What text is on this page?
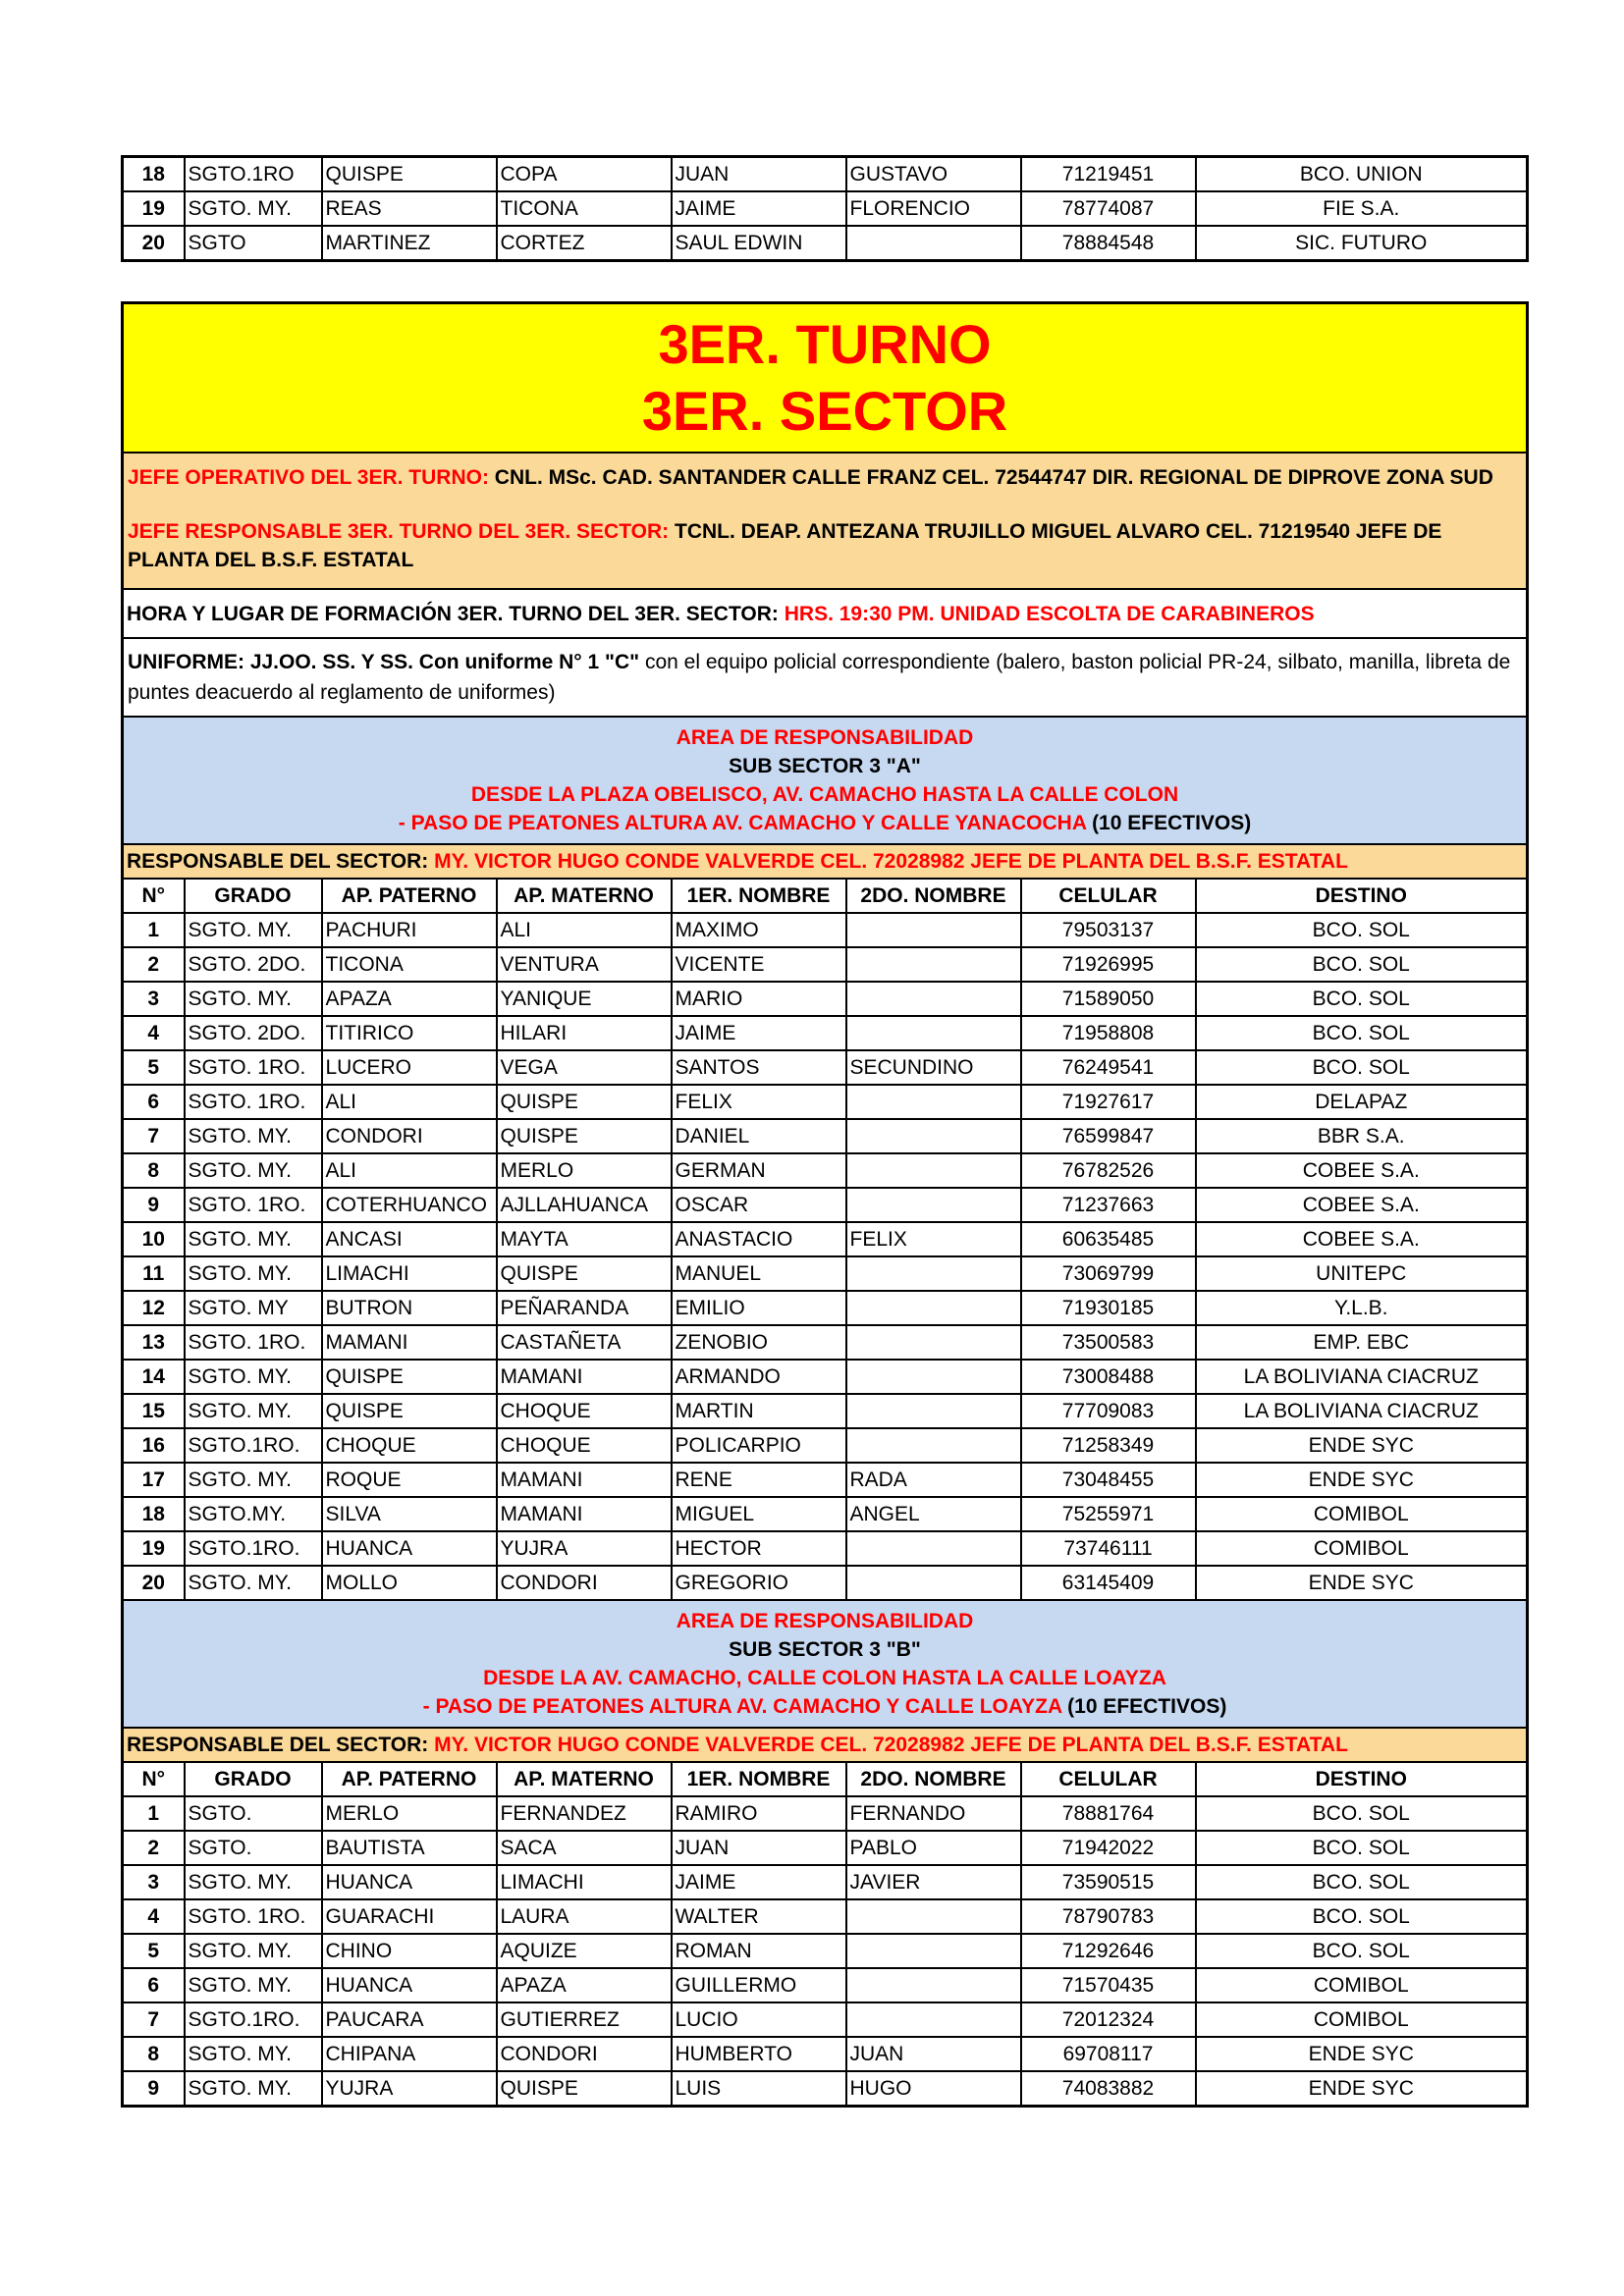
18	SGTO.1RO	QUISPE	COPA	JUAN	GUSTAVO	71219451	BCO. UNION
19	SGTO. MY.	REAS	TICONA	JAIME	FLORENCIO	78774087	FIE S.A.
20	SGTO	MARTINEZ	CORTEZ	SAUL EDWIN		78884548	SIC. FUTURO
3ER. TURNO
3ER. SECTOR							

JEFE OPERATIVO DEL 3ER. TURNO: CNL. MSc. CAD. SANTANDER CALLE FRANZ CEL. 72544747 DIR. REGIONAL DE DIPROVE ZONA SUD

JEFE RESPONSABLE 3ER. TURNO DEL 3ER. SECTOR: TCNL. DEAP. ANTEZANA TRUJILLO MIGUEL ALVARO CEL. 71219540 JEFE DE PLANTA DEL B.S.F. ESTATAL							

HORA Y LUGAR DE FORMACIÓN 3ER. TURNO DEL 3ER. SECTOR: HRS. 19:30 PM. UNIDAD ESCOLTA DE CARABINEROS							
UNIFORME: JJ.OO. SS. Y SS. Con uniforme N° 1 "C" con el equipo policial correspondiente (balero, baston policial PR-24, silbato, manilla, libreta de puntes deacuerdo al reglamento de uniformes)							

AREA DE RESPONSABILIDAD
SUB SECTOR 3 "A"
DESDE LA PLAZA OBELISCO, AV. CAMACHO HASTA LA CALLE COLON
- PASO DE PEATONES ALTURA AV. CAMACHO Y CALLE YANACOCHA (10 EFECTIVOS)							

RESPONSABLE DEL SECTOR: MY. VICTOR HUGO CONDE VALVERDE CEL. 72028982 JEFE DE PLANTA DEL B.S.F. ESTATAL							
N°	GRADO	AP. PATERNO	AP. MATERNO	1ER. NOMBRE	2DO. NOMBRE	CELULAR	DESTINO
1	SGTO. MY.	PACHURI	ALI	MAXIMO		79503137	BCO. SOL
2	SGTO. 2DO.	TICONA	VENTURA	VICENTE		71926995	BCO. SOL
3	SGTO. MY.	APAZA	YANIQUE	MARIO		71589050	BCO. SOL
4	SGTO. 2DO.	TITIRICO	HILARI	JAIME		71958808	BCO. SOL
5	SGTO. 1RO.	LUCERO	VEGA	SANTOS	SECUNDINO	76249541	BCO. SOL
6	SGTO. 1RO.	ALI	QUISPE	FELIX		71927617	DELAPAZ
7	SGTO. MY.	CONDORI	QUISPE	DANIEL		76599847	BBR S.A.
8	SGTO. MY.	ALI	MERLO	GERMAN		76782526	COBEE S.A.
9	SGTO. 1RO.	COTERHUANCO	AJLLAHUANCA	OSCAR		71237663	COBEE S.A.
10	SGTO. MY.	ANCASI	MAYTA	ANASTACIO	FELIX	60635485	COBEE S.A.
11	SGTO. MY.	LIMACHI	QUISPE	MANUEL		73069799	UNITEPC
12	SGTO. MY	BUTRON	PEÑARANDA	EMILIO		71930185	Y.L.B.
13	SGTO. 1RO.	MAMANI	CASTAÑETA	ZENOBIO		73500583	EMP. EBC
14	SGTO. MY.	QUISPE	MAMANI	ARMANDO		73008488	LA BOLIVIANA CIACRUZ
15	SGTO. MY.	QUISPE	CHOQUE	MARTIN		77709083	LA BOLIVIANA CIACRUZ
16	SGTO.1RO.	CHOQUE	CHOQUE	POLICARPIO		71258349	ENDE SYC
17	SGTO. MY.	ROQUE	MAMANI	RENE	RADA	73048455	ENDE SYC
18	SGTO.MY.	SILVA	MAMANI	MIGUEL	ANGEL	75255971	COMIBOL
19	SGTO.1RO.	HUANCA	YUJRA	HECTOR		73746111	COMIBOL
20	SGTO. MY.	MOLLO	CONDORI	GREGORIO		63145409	ENDE SYC

AREA DE RESPONSABILIDAD
SUB SECTOR 3 "B"
DESDE LA AV. CAMACHO, CALLE COLON HASTA LA CALLE LOAYZA
- PASO DE PEATONES ALTURA AV. CAMACHO Y CALLE LOAYZA (10 EFECTIVOS)							

RESPONSABLE DEL SECTOR: MY. VICTOR HUGO CONDE VALVERDE CEL. 72028982 JEFE DE PLANTA DEL B.S.F. ESTATAL							
N°	GRADO	AP. PATERNO	AP. MATERNO	1ER. NOMBRE	2DO. NOMBRE	CELULAR	DESTINO
1	SGTO.	MERLO	FERNANDEZ	RAMIRO	FERNANDO	78881764	BCO. SOL
2	SGTO.	BAUTISTA	SACA	JUAN	PABLO	71942022	BCO. SOL
3	SGTO. MY.	HUANCA	LIMACHI	JAIME	JAVIER	73590515	BCO. SOL
4	SGTO. 1RO.	GUARACHI	LAURA	WALTER		78790783	BCO. SOL
5	SGTO. MY.	CHINO	AQUIZE	ROMAN		71292646	BCO. SOL
6	SGTO. MY.	HUANCA	APAZA	GUILLERMO		71570435	COMIBOL
7	SGTO.1RO.	PAUCARA	GUTIERREZ	LUCIO		72012324	COMIBOL
8	SGTO. MY.	CHIPANA	CONDORI	HUMBERTO	JUAN	69708117	ENDE SYC
9	SGTO. MY.	YUJRA	QUISPE	LUIS	HUGO	74083882	ENDE SYC
